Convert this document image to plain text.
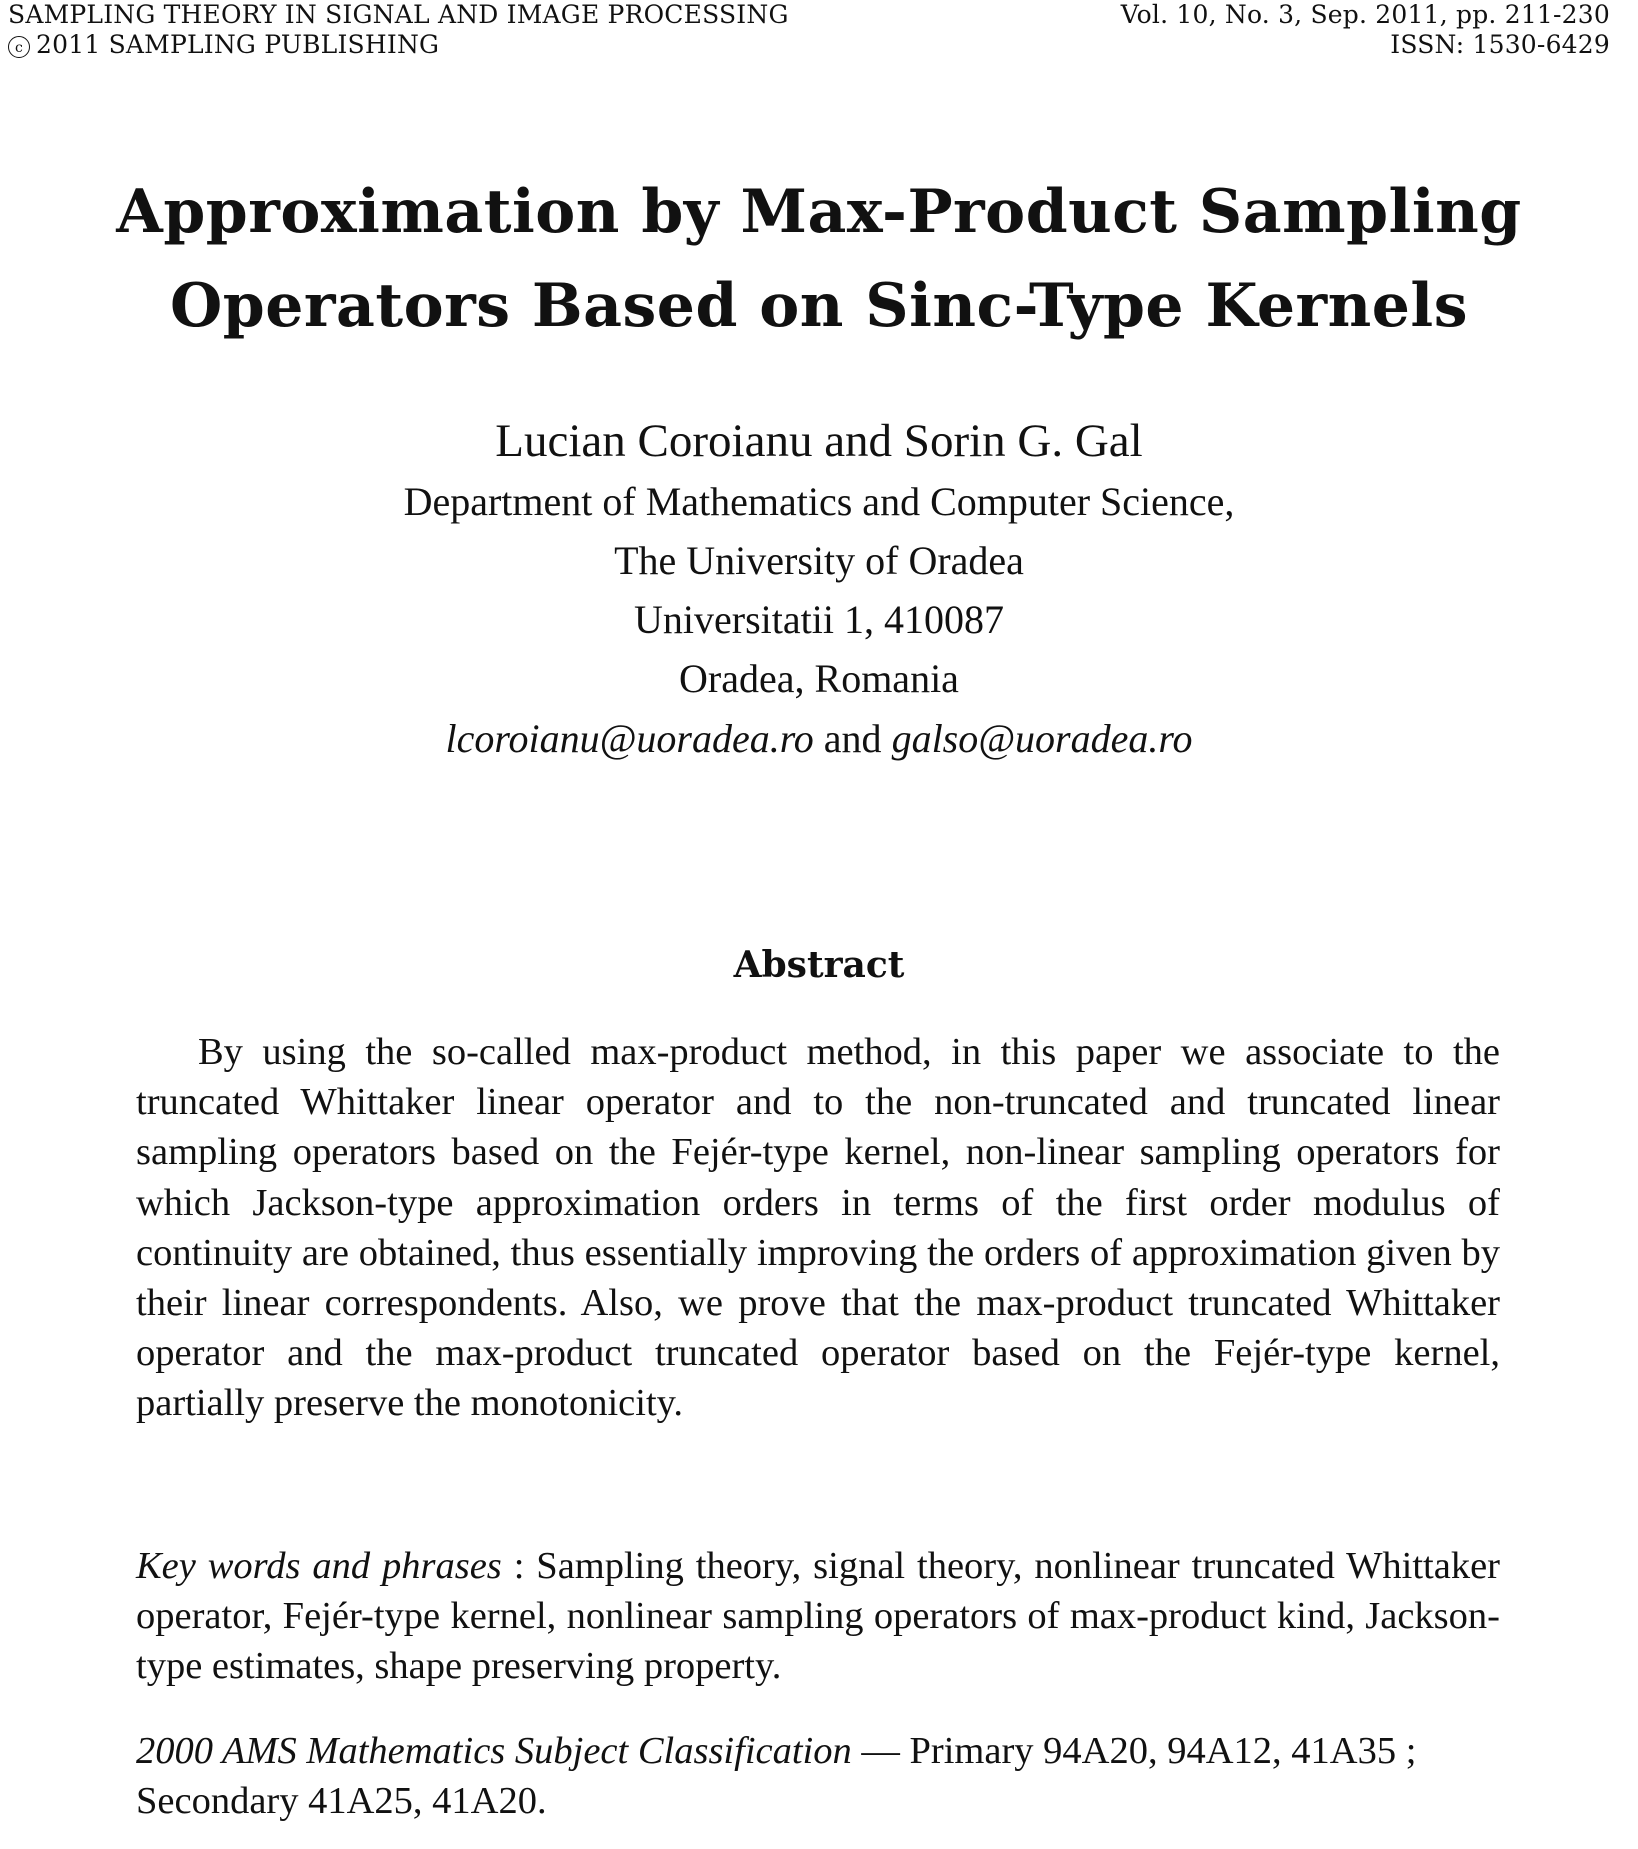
SAMPLING THEORY IN SIGNAL AND IMAGE PROCESSING
c 2011 SAMPLING PUBLISHING
Vol. 10, No. 3, Sep. 2011, pp. 211-230
ISSN: 1530-6429
Approximation by Max-Product Sampling
Operators Based on Sinc-Type Kernels
Lucian Coroianu and Sorin G. Gal
Department of Mathematics and Computer Science,
The University of Oradea
Universitatii 1, 410087
Oradea, Romania
lcoroianu@uoradea.ro and galso@uoradea.ro
Abstract

By using the so-called max-product method, in this paper we associate to the truncated Whittaker linear operator and to the non-truncated and truncated linear sampling operators based on the Fejér-type kernel, non-linear sampling operators for which Jackson-type approximation orders in terms of the first order modulus of continuity are obtained, thus essentially improving the orders of approximation given by their linear correspondents. Also, we prove that the max-product truncated Whittaker operator and the max-product truncated operator based on the Fejér-type kernel, partially preserve the monotonicity.

Key words and phrases : Sampling theory, signal theory, nonlinear truncated Whittaker operator, Fejér-type kernel, nonlinear sampling operators of max-product kind, Jackson-type estimates, shape preserving property.

2000 AMS Mathematics Subject Classification — Primary 94A20, 94A12, 41A35 ; Secondary 41A25, 41A20.
